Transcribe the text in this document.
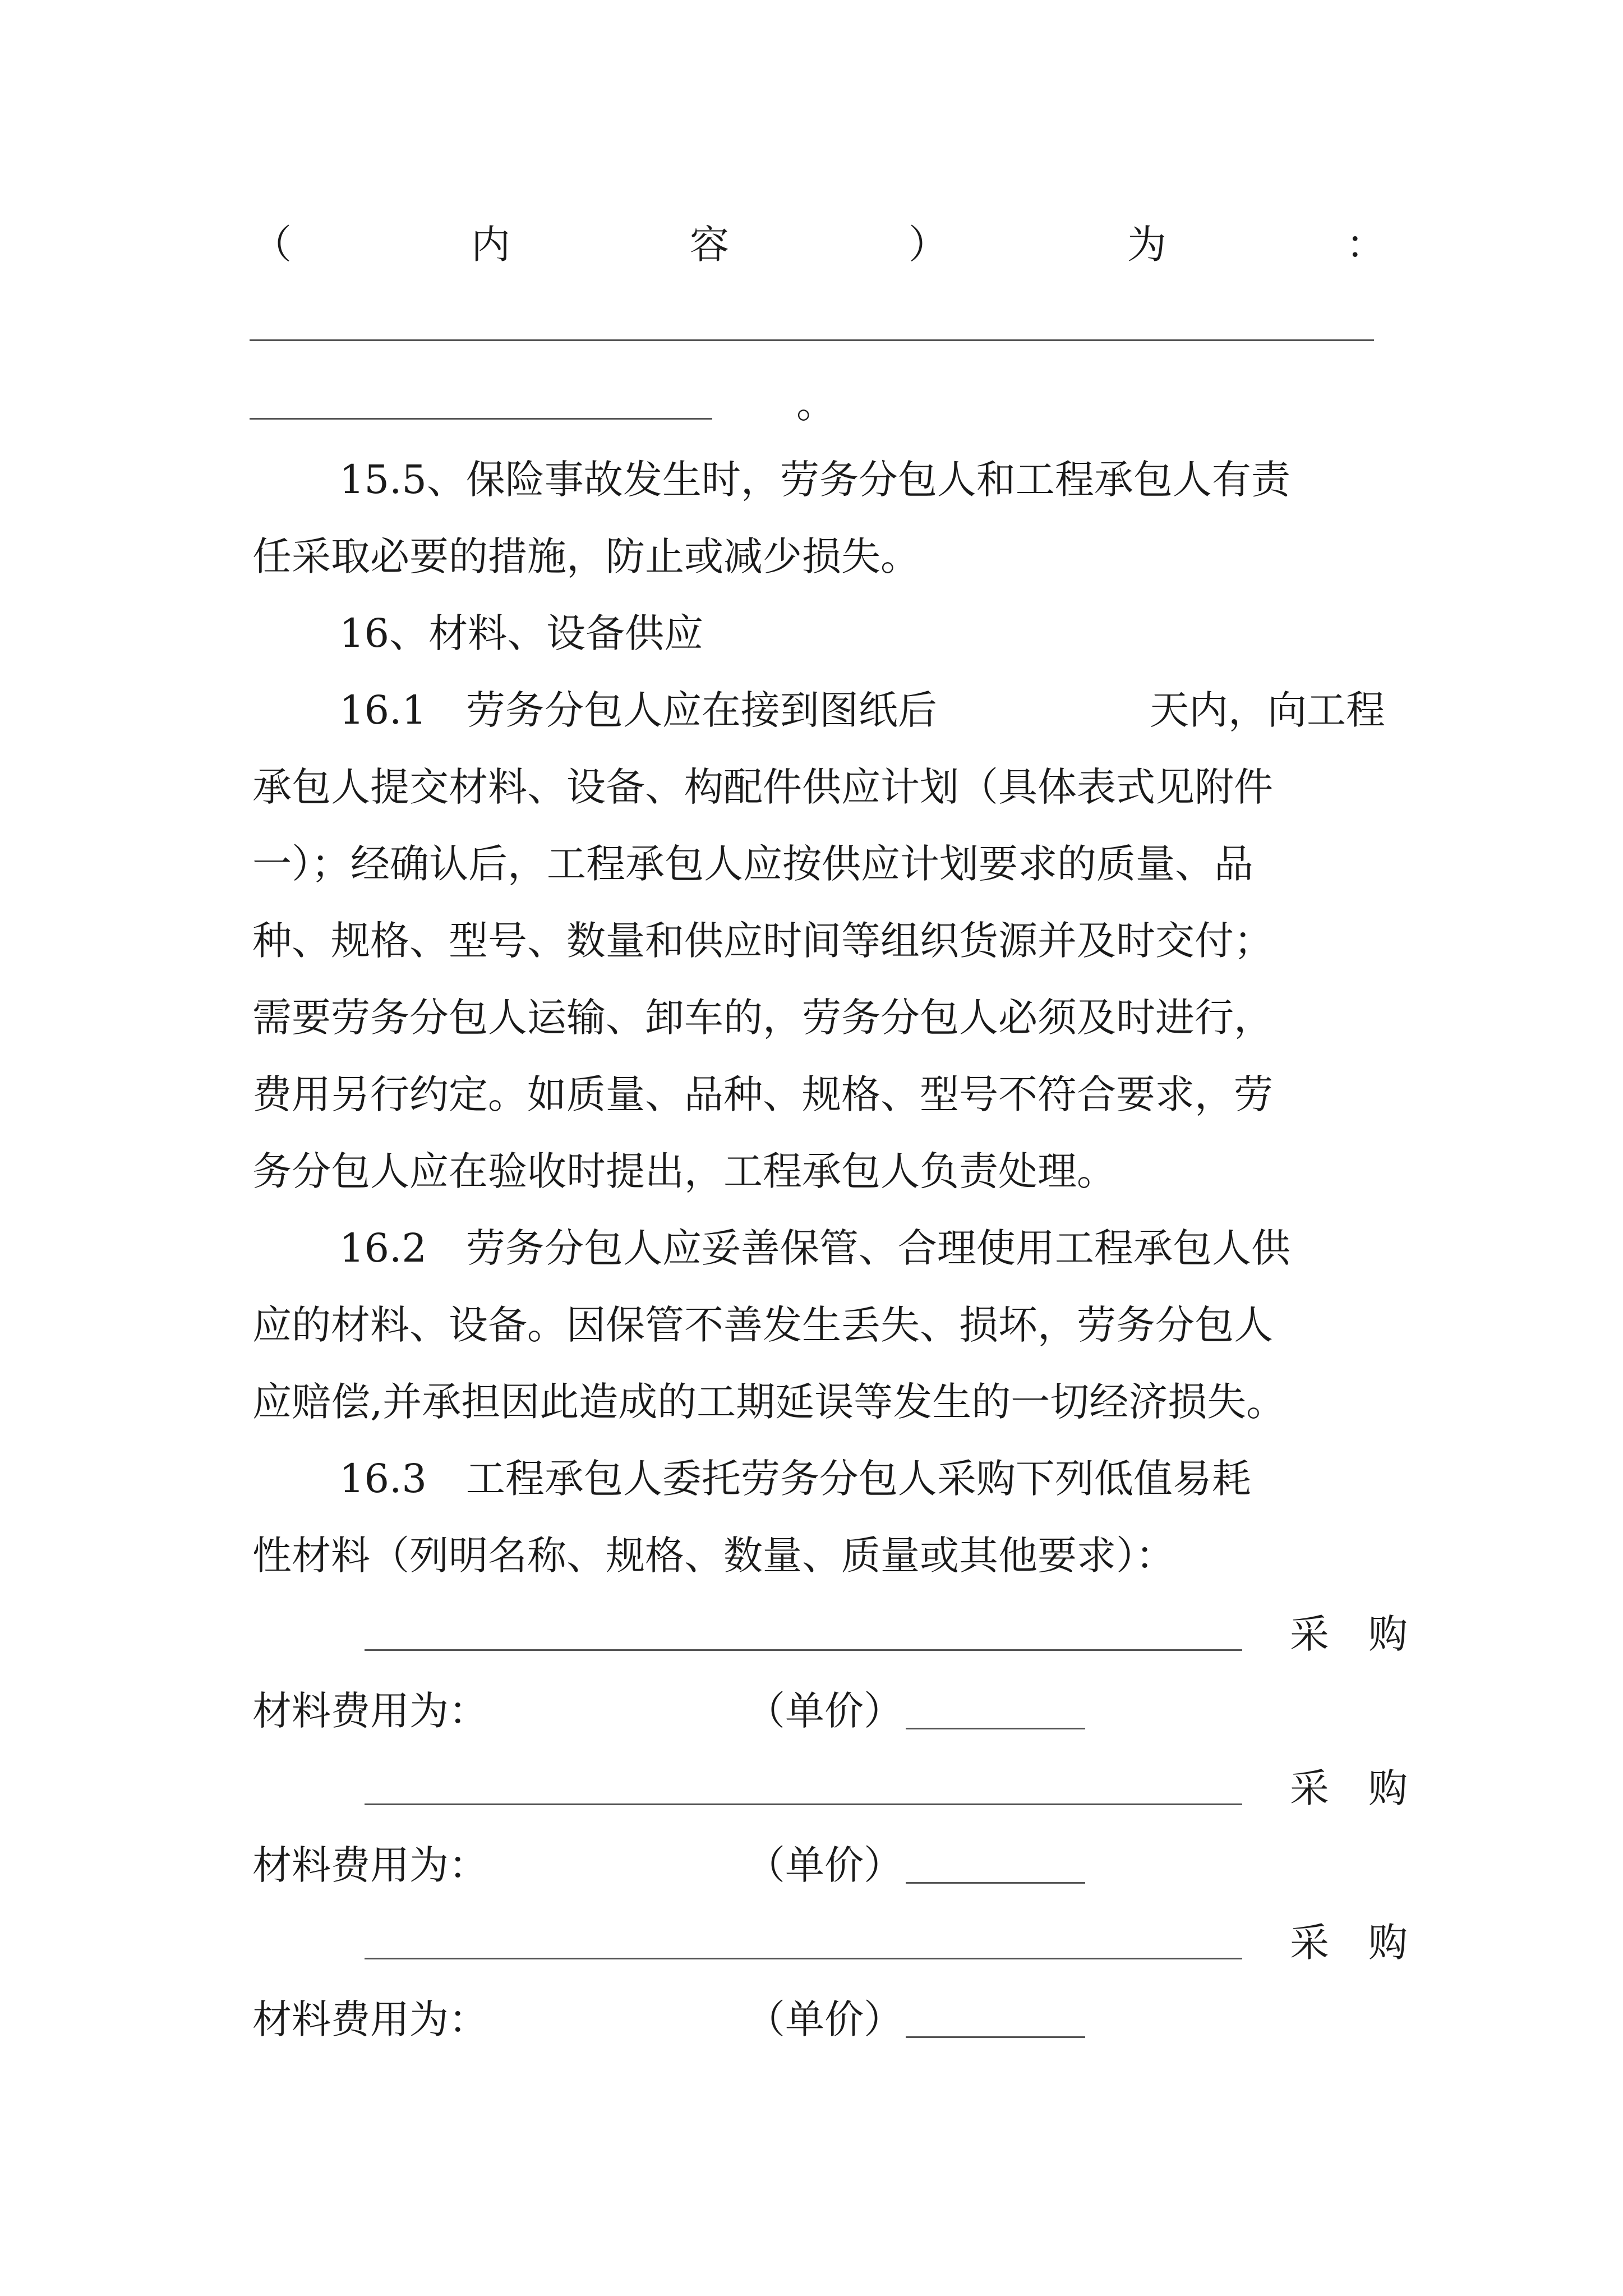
（	内	容	）	为	：
。
15.5、保险事故发生时，劳务分包人和工程承包人有责
任采取必要的措施，防止或减少损失。
16、材料、设备供应
16.1　劳务分包人应在接到图纸后	天内，向工程
承包人提交材料、设备、构配件供应计划（具体表式见附件
一）；经确认后，工程承包人应按供应计划要求的质量、品
种、规格、型号、数量和供应时间等组织货源并及时交付；
需要劳务分包人运输、卸车的，劳务分包人必须及时进行，
费用另行约定。如质量、品种、规格、型号不符合要求，劳
务分包人应在验收时提出，工程承包人负责处理。
16.2　劳务分包人应妥善保管、合理使用工程承包人供
应的材料、设备。因保管不善发生丢失、损坏，劳务分包人
应赔偿,并承担因此造成的工期延误等发生的一切经济损失。
16.3　工程承包人委托劳务分包人采购下列低值易耗
性材料（列明名称、规格、数量、质量或其他要求）：
采　购
材料费用为：	（单价）
采　购
材料费用为：	（单价）
采　购
材料费用为：	（单价）
